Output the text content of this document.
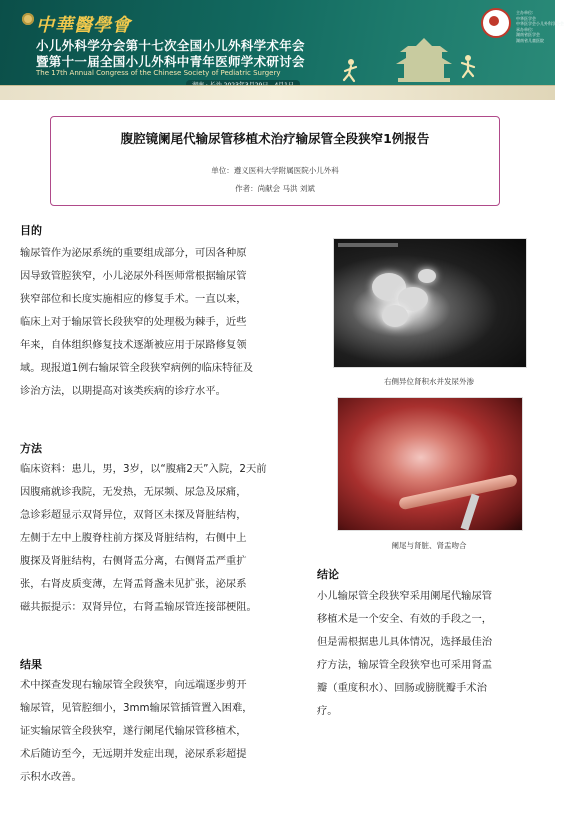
中華醫學會
小儿外科学分会第十七次全国小儿外科学术年会
暨第十一届全国小儿外科中青年医师学术研讨会
The 17th Annual Congress of the Chinese Society of Pediatric Surgery
主办单位:
中华医学会
中华医学会小儿外科学分会
承办单位:
湖南省医学会
湖南省儿童医院
腹腔镜阑尾代输尿管移植术治疗输尿管全段狭窄1例报告
单位：遵义医科大学附属医院小儿外科
作者：尚献会 马洪 刘斌
目的
输尿管作为泌尿系统的重要组成部分，可因各种原
因导致管腔狭窄，小儿泌尿外科医师常根据输尿管
狭窄部位和长度实施相应的修复手术。一直以来，
临床上对于输尿管长段狭窄的处理极为棘手，近些
年来，自体组织修复技术逐渐被应用于尿路修复领
域。现报道1例右输尿管全段狭窄病例的临床特征及
诊治方法，以期提高对该类疾病的诊疗水平。
方法
临床资料：患儿，男，3岁，以“腹痛2天”入院，2天前
因腹痛就诊我院，无发热，无尿频、尿急及尿痛，
急诊彩超显示双肾异位，双肾区未探及肾脏结构，
左侧于左中上腹脊柱前方探及肾脏结构，右侧中上
腹探及肾脏结构，右侧肾盂分离，右侧肾盂严重扩
张，右肾皮质变薄，左肾盂肾盏未见扩张，泌尿系
磁共振提示：双肾异位，右肾盂输尿管连接部梗阻。
结果
术中探查发现右输尿管全段狭窄，向远端逐步剪开
输尿管，见管腔细小，3mm输尿管插管置入困难，
证实输尿管全段狭窄，遂行阑尾代输尿管移植术，
术后随访至今，无远期并发症出现，泌尿系彩超提
示积水改善。
右侧异位肾积水并发尿外渗
阑尾与肾脏、肾盂吻合
结论
小儿输尿管全段狭窄采用阑尾代输尿管
移植术是一个安全、有效的手段之一，
但是需根据患儿具体情况，选择最佳治
疗方法，输尿管全段狭窄也可采用肾盂
瓣（重度积水）、回肠或膀胱瓣手术治
疗。
